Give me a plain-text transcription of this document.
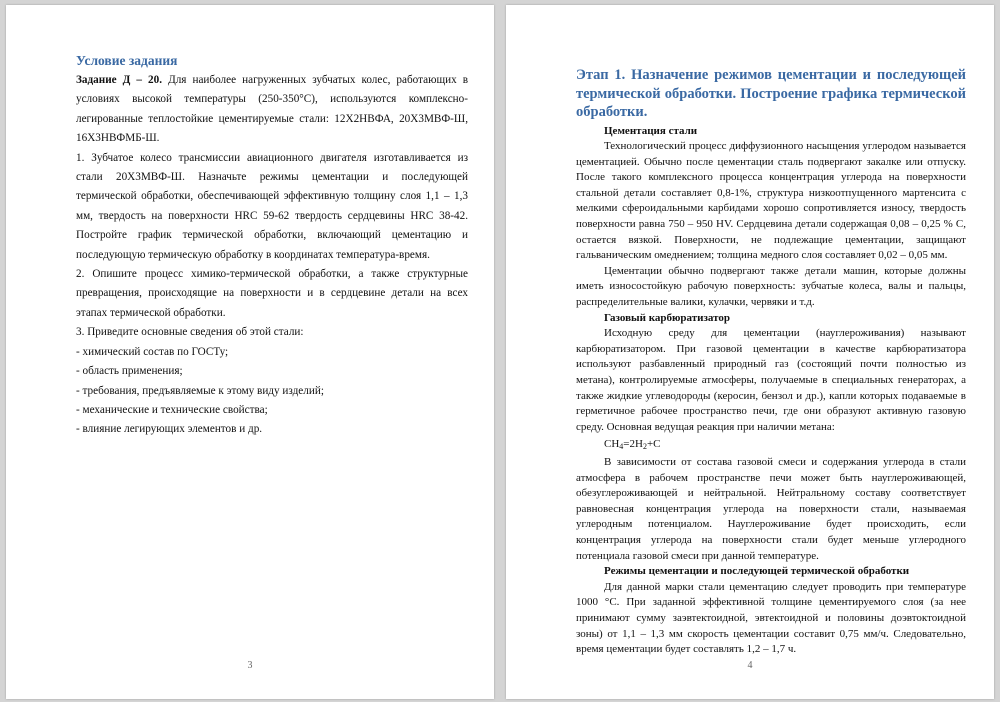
Условие задания

Задание Д – 20. Для наиболее нагруженных зубчатых колес, работающих в условиях высокой температуры (250-350°С), используются комплексно-легированные теплостойкие цементируемые стали: 12Х2НВФА, 20Х3МВФ-Ш, 16Х3НВФМБ-Ш.

1. Зубчатое колесо трансмиссии авиационного двигателя изготавливается из стали 20Х3МВФ-Ш. Назначьте режимы цементации и последующей термической обработки, обеспечивающей эффективную толщину слоя 1,1 – 1,3 мм, твердость на поверхности HRC 59-62 твердость сердцевины HRC 38-42. Постройте график термической обработки, включающий цементацию и последующую термическую обработку в координатах температура-время.

2. Опишите процесс химико-термической обработки, а также структурные превращения, происходящие на поверхности и в сердцевине детали на всех этапах термической обработки.

3. Приведите основные сведения об этой стали:

- химический состав по ГОСТу;

- область применения;

- требования, предъявляемые к этому виду изделий;

- механические и технические свойства;

- влияние легирующих элементов и др.

3
Этап 1. Назначение режимов цементации и последующей термической обработки. Построение графика термической обработки.

Цементация стали

Технологический процесс диффузионного насыщения углеродом называется цементацией. Обычно после цементации сталь подвергают закалке или отпуску. После такого комплексного процесса концентрация углерода на поверхности стальной детали составляет 0,8-1%, структура низкоотпущенного мартенсита с мелкими сфероидальными карбидами хорошо сопротивляется износу, твердость поверхности равна 750 – 950 HV. Сердцевина детали содержащая 0,08 – 0,25 % С, остается вязкой. Поверхности, не подлежащие цементации, защищают гальваническим омеднением; толщина медного слоя составляет 0,02 – 0,05 мм.

Цементации обычно подвергают также детали машин, которые должны иметь износостойкую рабочую поверхность: зубчатые колеса, валы и пальцы, распределительные валики, кулачки, червяки и т.д.

Газовый карбюратизатор

Исходную среду для цементации (науглероживания) называют карбюратизатором. При газовой цементации в качестве карбюратизатора используют разбавленный природный газ (состоящий почти полностью из метана), контролируемые атмосферы, получаемые в специальных генераторах, а также жидкие углеводороды (керосин, бензол и др.), капли которых подаваемые в герметичное рабочее пространство печи, где они образуют активную газовую среду. Основная ведущая реакция при наличии метана:

$CH_4=2H_2+C$

В зависимости от состава газовой смеси и содержания углерода в стали атмосфера в рабочем пространстве печи может быть науглероживающей, обезуглероживающей и нейтральной. Нейтральному составу соответствует равновесная концентрация углерода на поверхности стали, называемая углеродным потенциалом. Науглероживание будет происходить, если концентрация углерода на поверхности стали будет меньше углеродного потенциала газовой смеси при данной температуре.

Режимы цементации и последующей термической обработки

Для данной марки стали цементацию следует проводить при температуре 1000 °С. При заданной эффективной толщине цементируемого слоя (за нее принимают сумму заэвтектоидной, эвтектоидной и половины доэвтоктоидной зоны) от 1,1 – 1,3 мм скорость цементации составит 0,75 мм/ч. Следовательно, время цементации будет составлять 1,2 – 1,7 ч.

4
